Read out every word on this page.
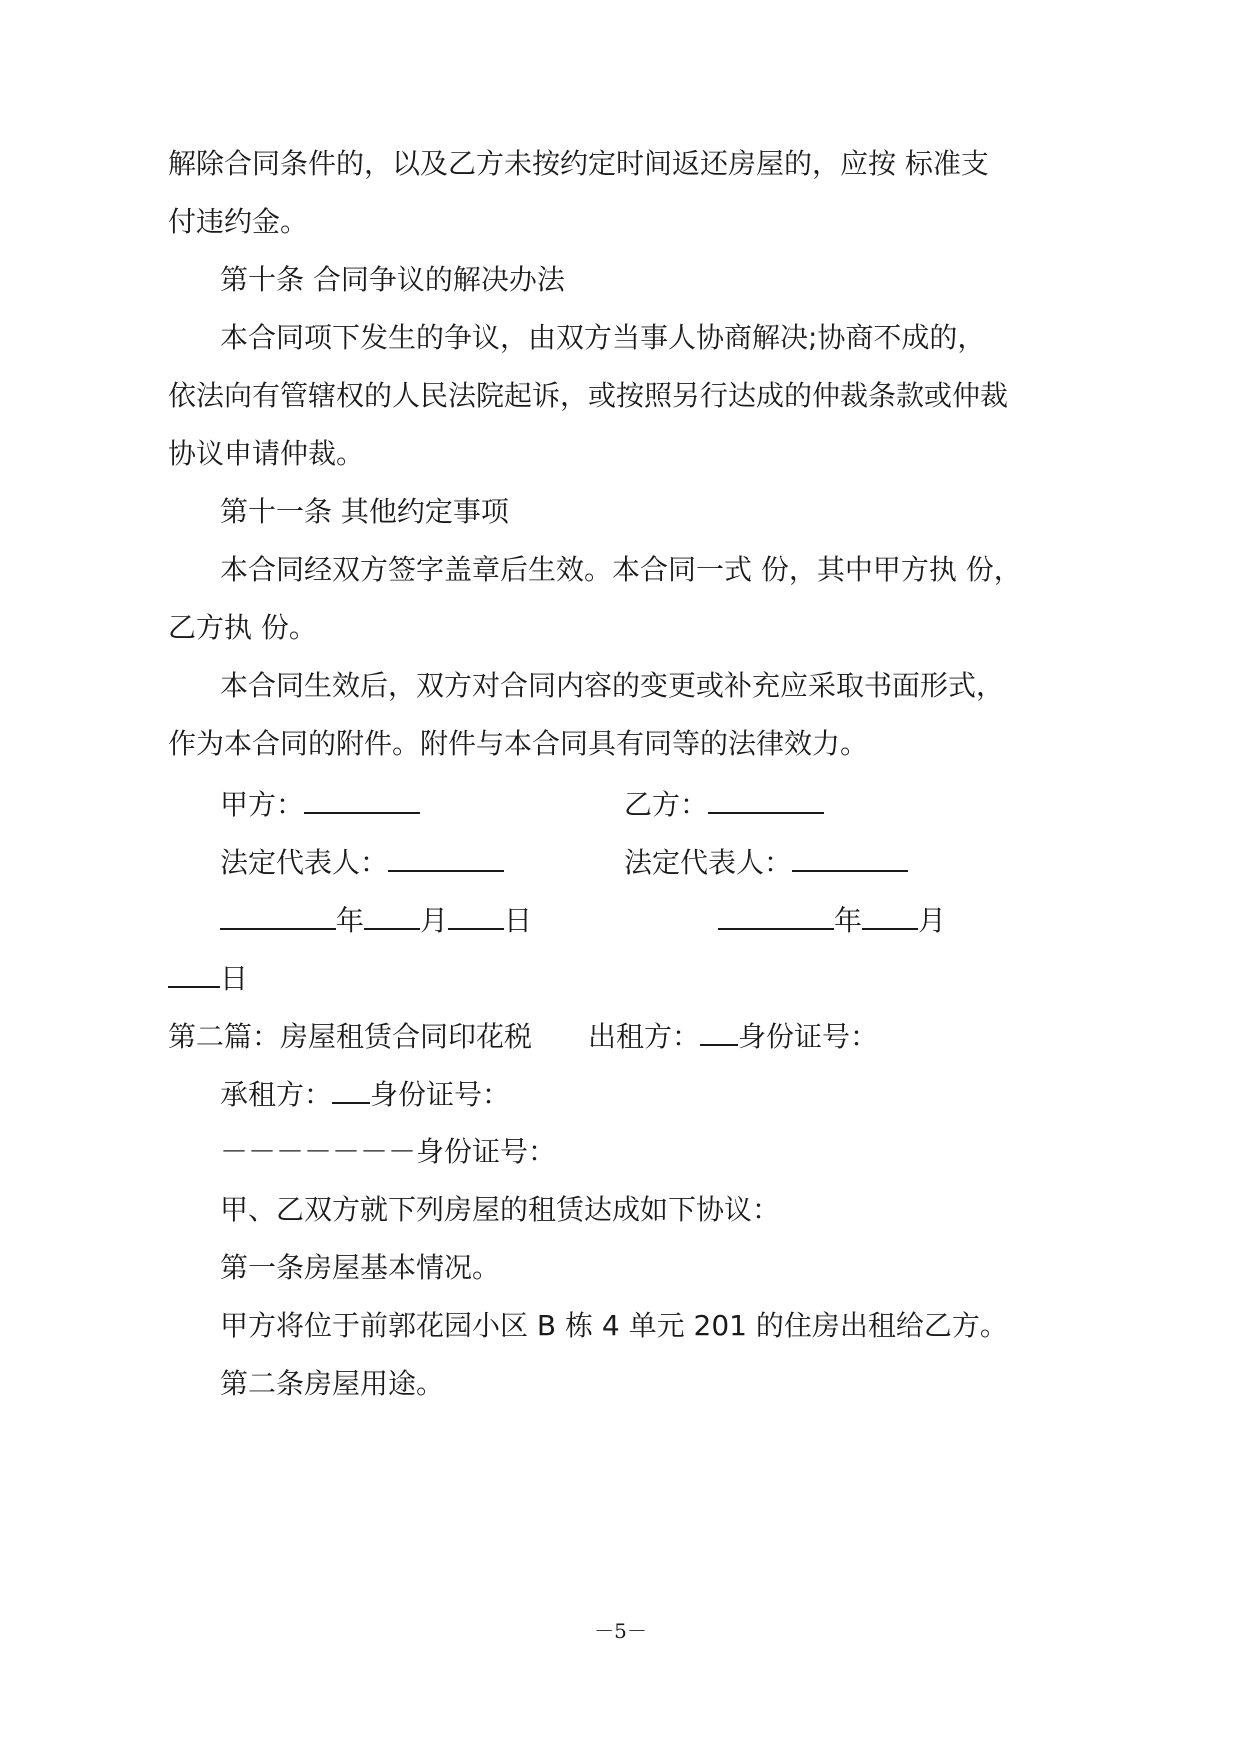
解除合同条件的，以及乙方未按约定时间返还房屋的，应按 标准支
付违约金。
第十条 合同争议的解决办法
本合同项下发生的争议，由双方当事人协商解决;协商不成的，
依法向有管辖权的人民法院起诉，或按照另行达成的仲裁条款或仲裁
协议申请仲裁。
第十一条 其他约定事项
本合同经双方签字盖章后生效。本合同一式 份，其中甲方执 份，
乙方执 份。
本合同生效后，双方对合同内容的变更或补充应采取书面形式，
作为本合同的附件。附件与本合同具有同等的法律效力。
甲方：	乙方：
法定代表人：	法定代表人：
年 月 日	年 月
日
第二篇：房屋租赁合同印花税 出租方： 身份证号：
承租方： 身份证号：
－－－－－－－身份证号：
甲、乙双方就下列房屋的租赁达成如下协议：
第一条房屋基本情况。
甲方将位于前郭花园小区 B 栋 4 单元 201 的住房出租给乙方。
第二条房屋用途。
－5－
